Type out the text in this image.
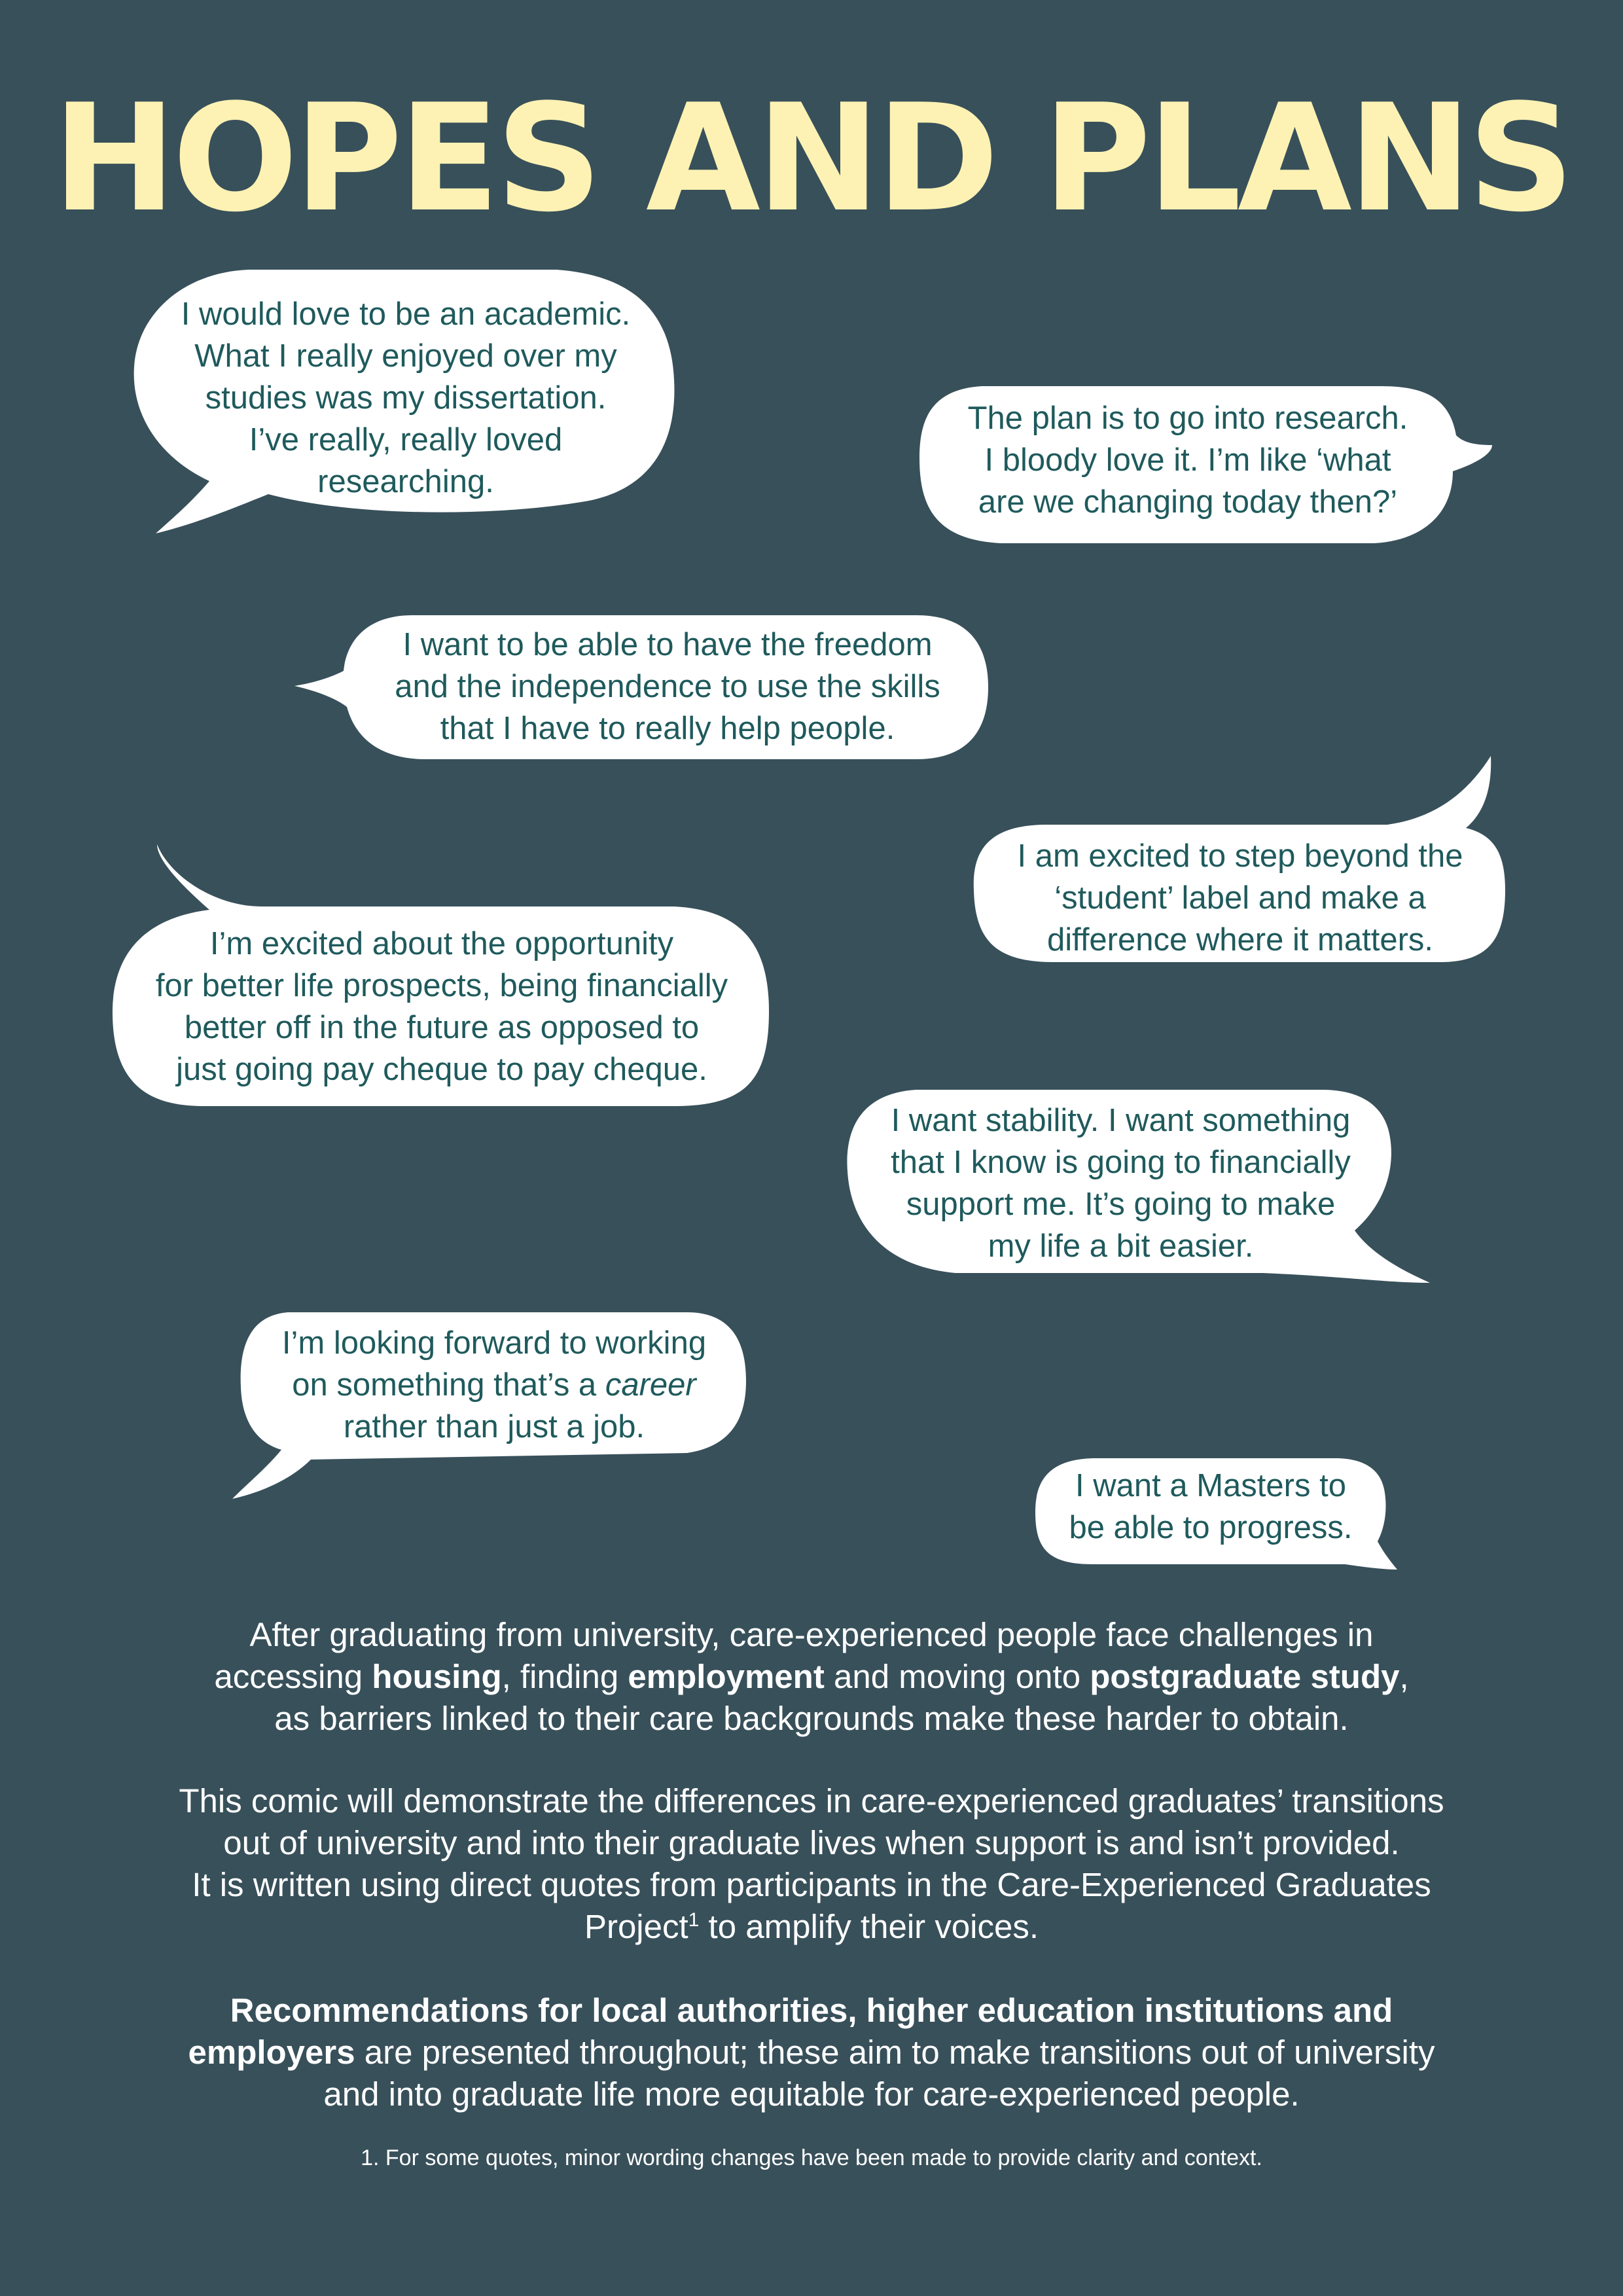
HOPES AND PLANS
I would love to be an academic.
What I really enjoyed over my
studies was my dissertation.
I’ve really, really loved
researching.
The plan is to go into research.
I bloody love it. I’m like ‘what
are we changing today then?’
I want to be able to have the freedom
and the independence to use the skills
that I have to really help people.
I am excited to step beyond the
‘student’ label and make a
difference where it matters.
I’m excited about the opportunity
for better life prospects, being financially
better off in the future as opposed to
just going pay cheque to pay cheque.
I want stability. I want something
that I know is going to financially
support me. It’s going to make
my life a bit easier.
I’m looking forward to working
on something that’s a career
rather than just a job.
I want a Masters to
be able to progress.
After graduating from university, care-experienced people face challenges in
accessing housing, finding employment and moving onto postgraduate study,
as barriers linked to their care backgrounds make these harder to obtain.
This comic will demonstrate the differences in care-experienced graduates’ transitions
out of university and into their graduate lives when support is and isn’t provided.
It is written using direct quotes from participants in the Care-Experienced Graduates
Project$^1$ to amplify their voices.
Recommendations for local authorities, higher education institutions and
employers are presented throughout; these aim to make transitions out of university
and into graduate life more equitable for care-experienced people.

1. For some quotes, minor wording changes have been made to provide clarity and context.
